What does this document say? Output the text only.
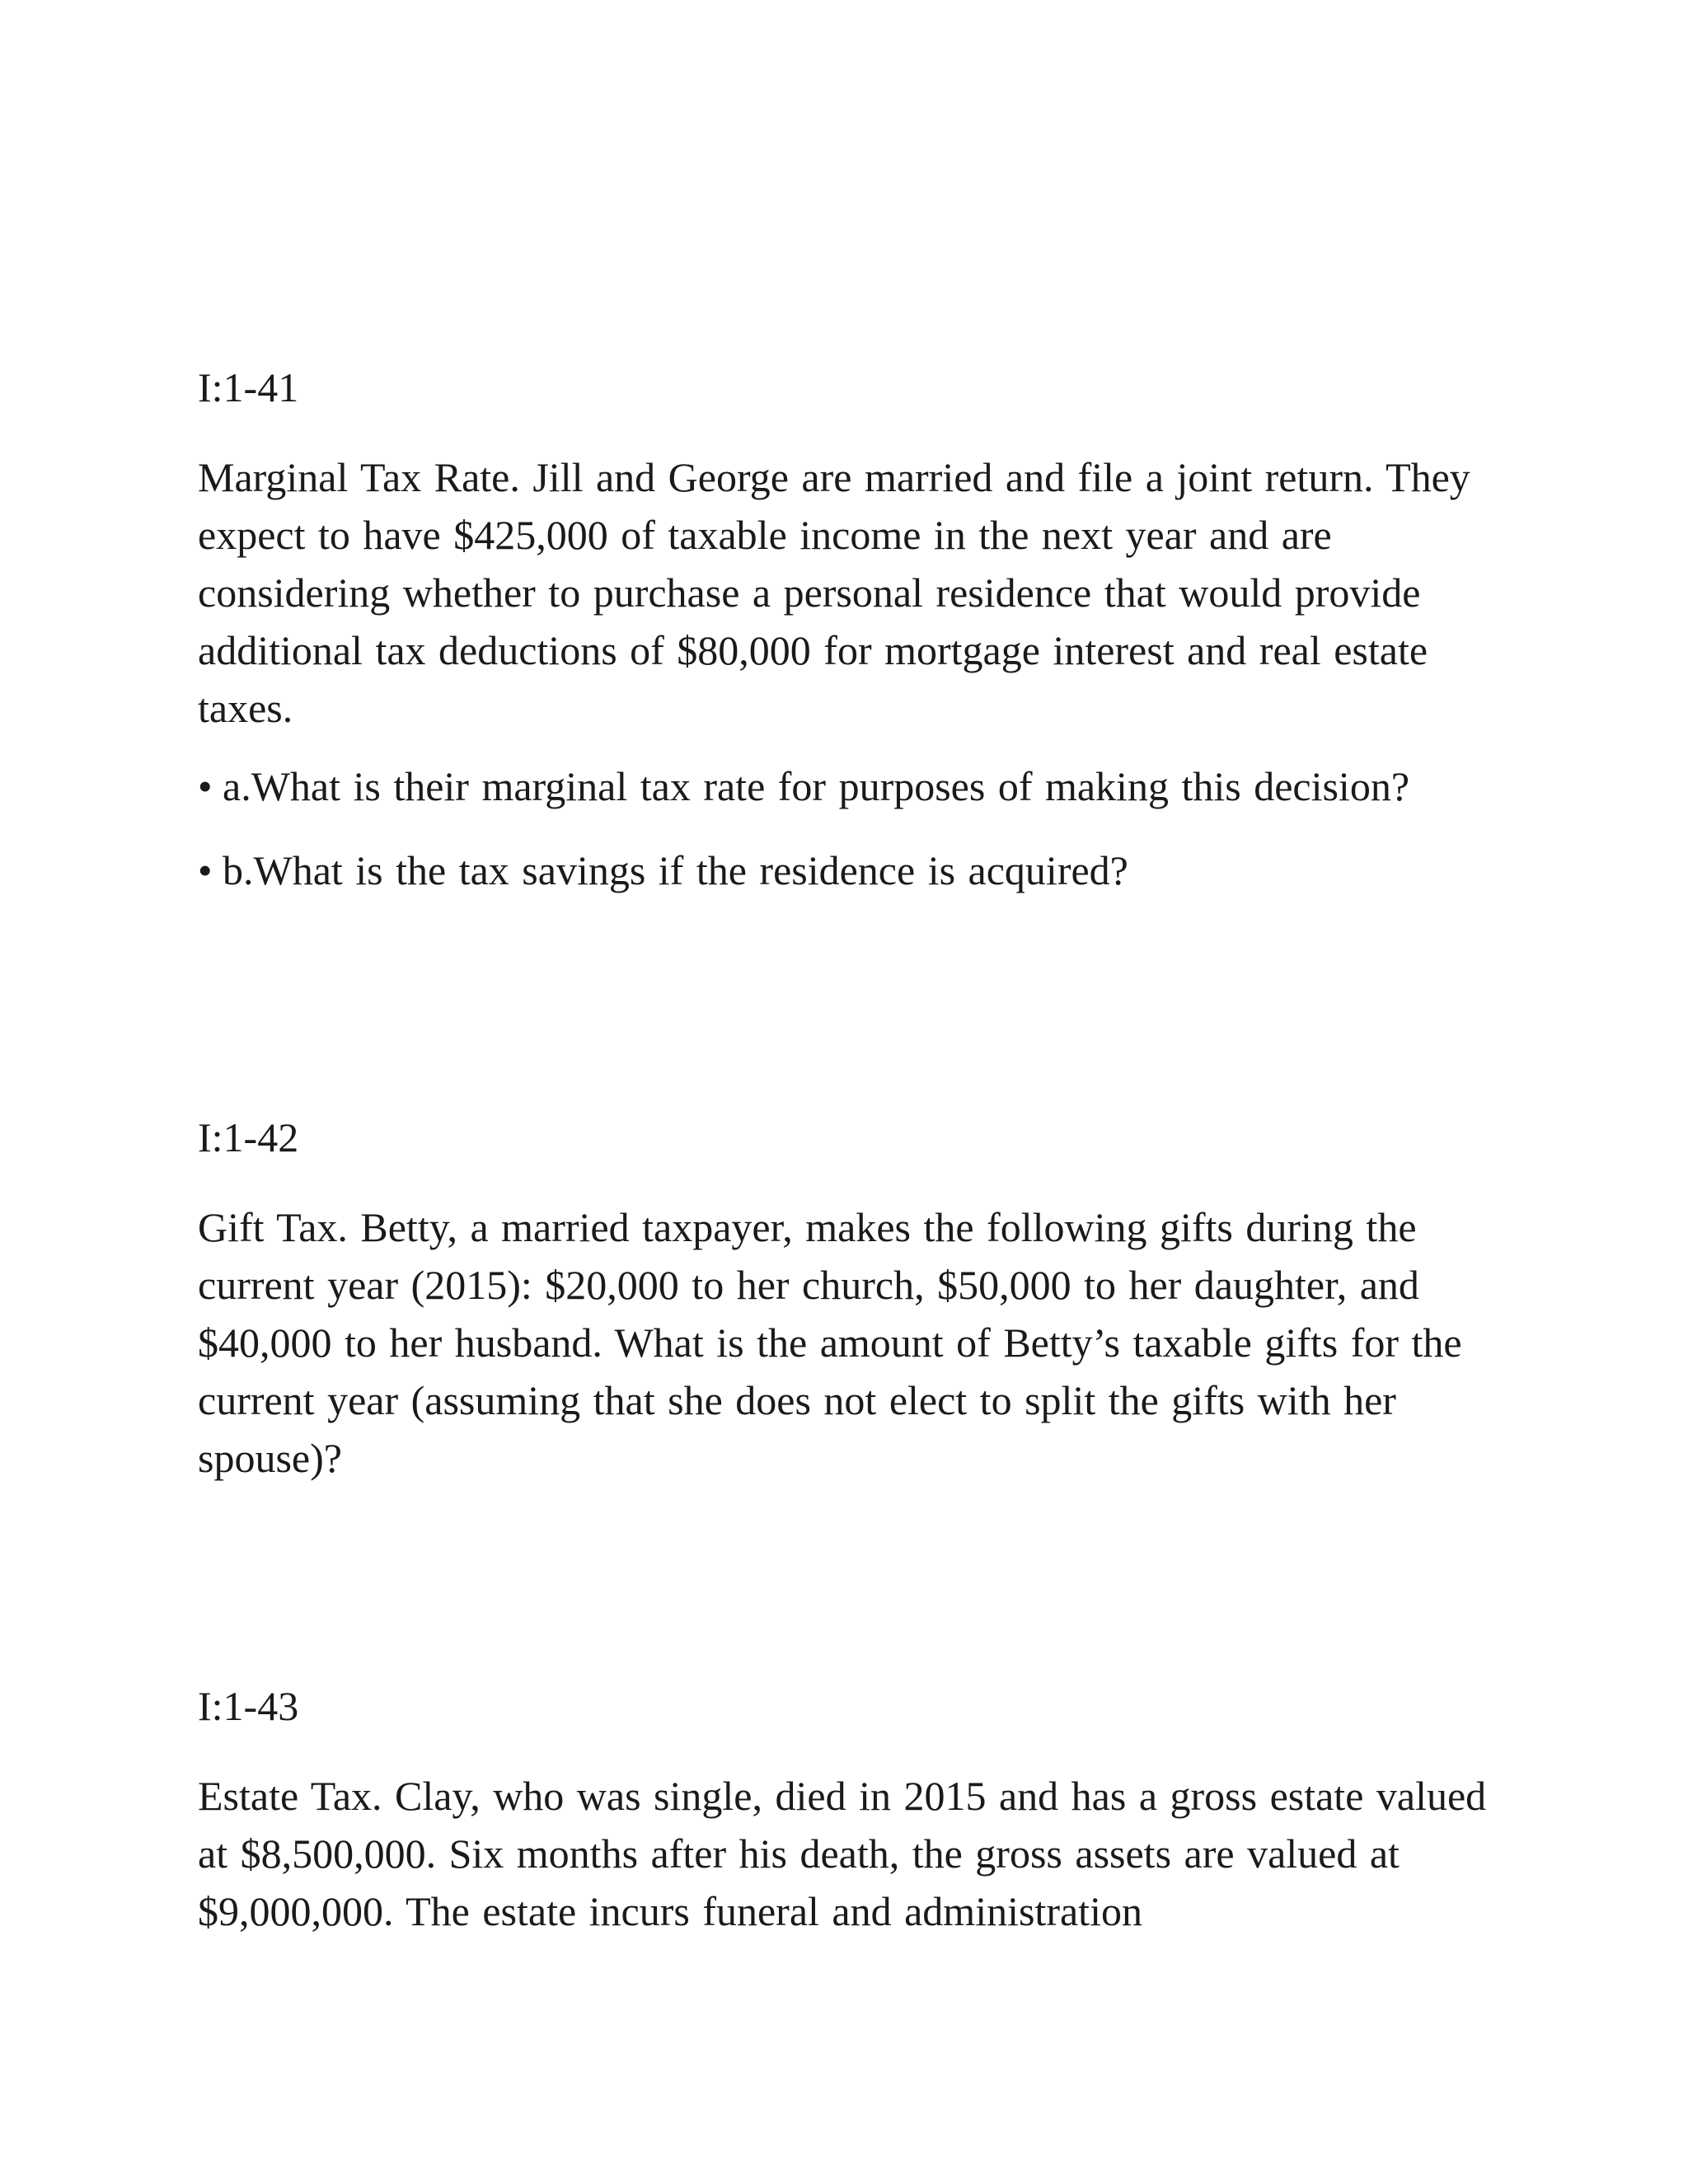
I:1-41

Marginal Tax Rate. Jill and George are married and file a joint return. They expect to have $425,000 of taxable income in the next year and are considering whether to purchase a personal residence that would provide additional tax deductions of $80,000 for mortgage interest and real estate taxes.

• a.What is their marginal tax rate for purposes of making this decision?
• b.What is the tax savings if the residence is acquired?
I:1-42

Gift Tax. Betty, a married taxpayer, makes the following gifts during the current year (2015): $20,000 to her church, $50,000 to her daughter, and $40,000 to her husband. What is the amount of Betty’s taxable gifts for the current year (assuming that she does not elect to split the gifts with her spouse)?

I:1-43

Estate Tax. Clay, who was single, died in 2015 and has a gross estate valued at $8,500,000. Six months after his death, the gross assets are valued at $9,000,000. The estate incurs funeral and administration
